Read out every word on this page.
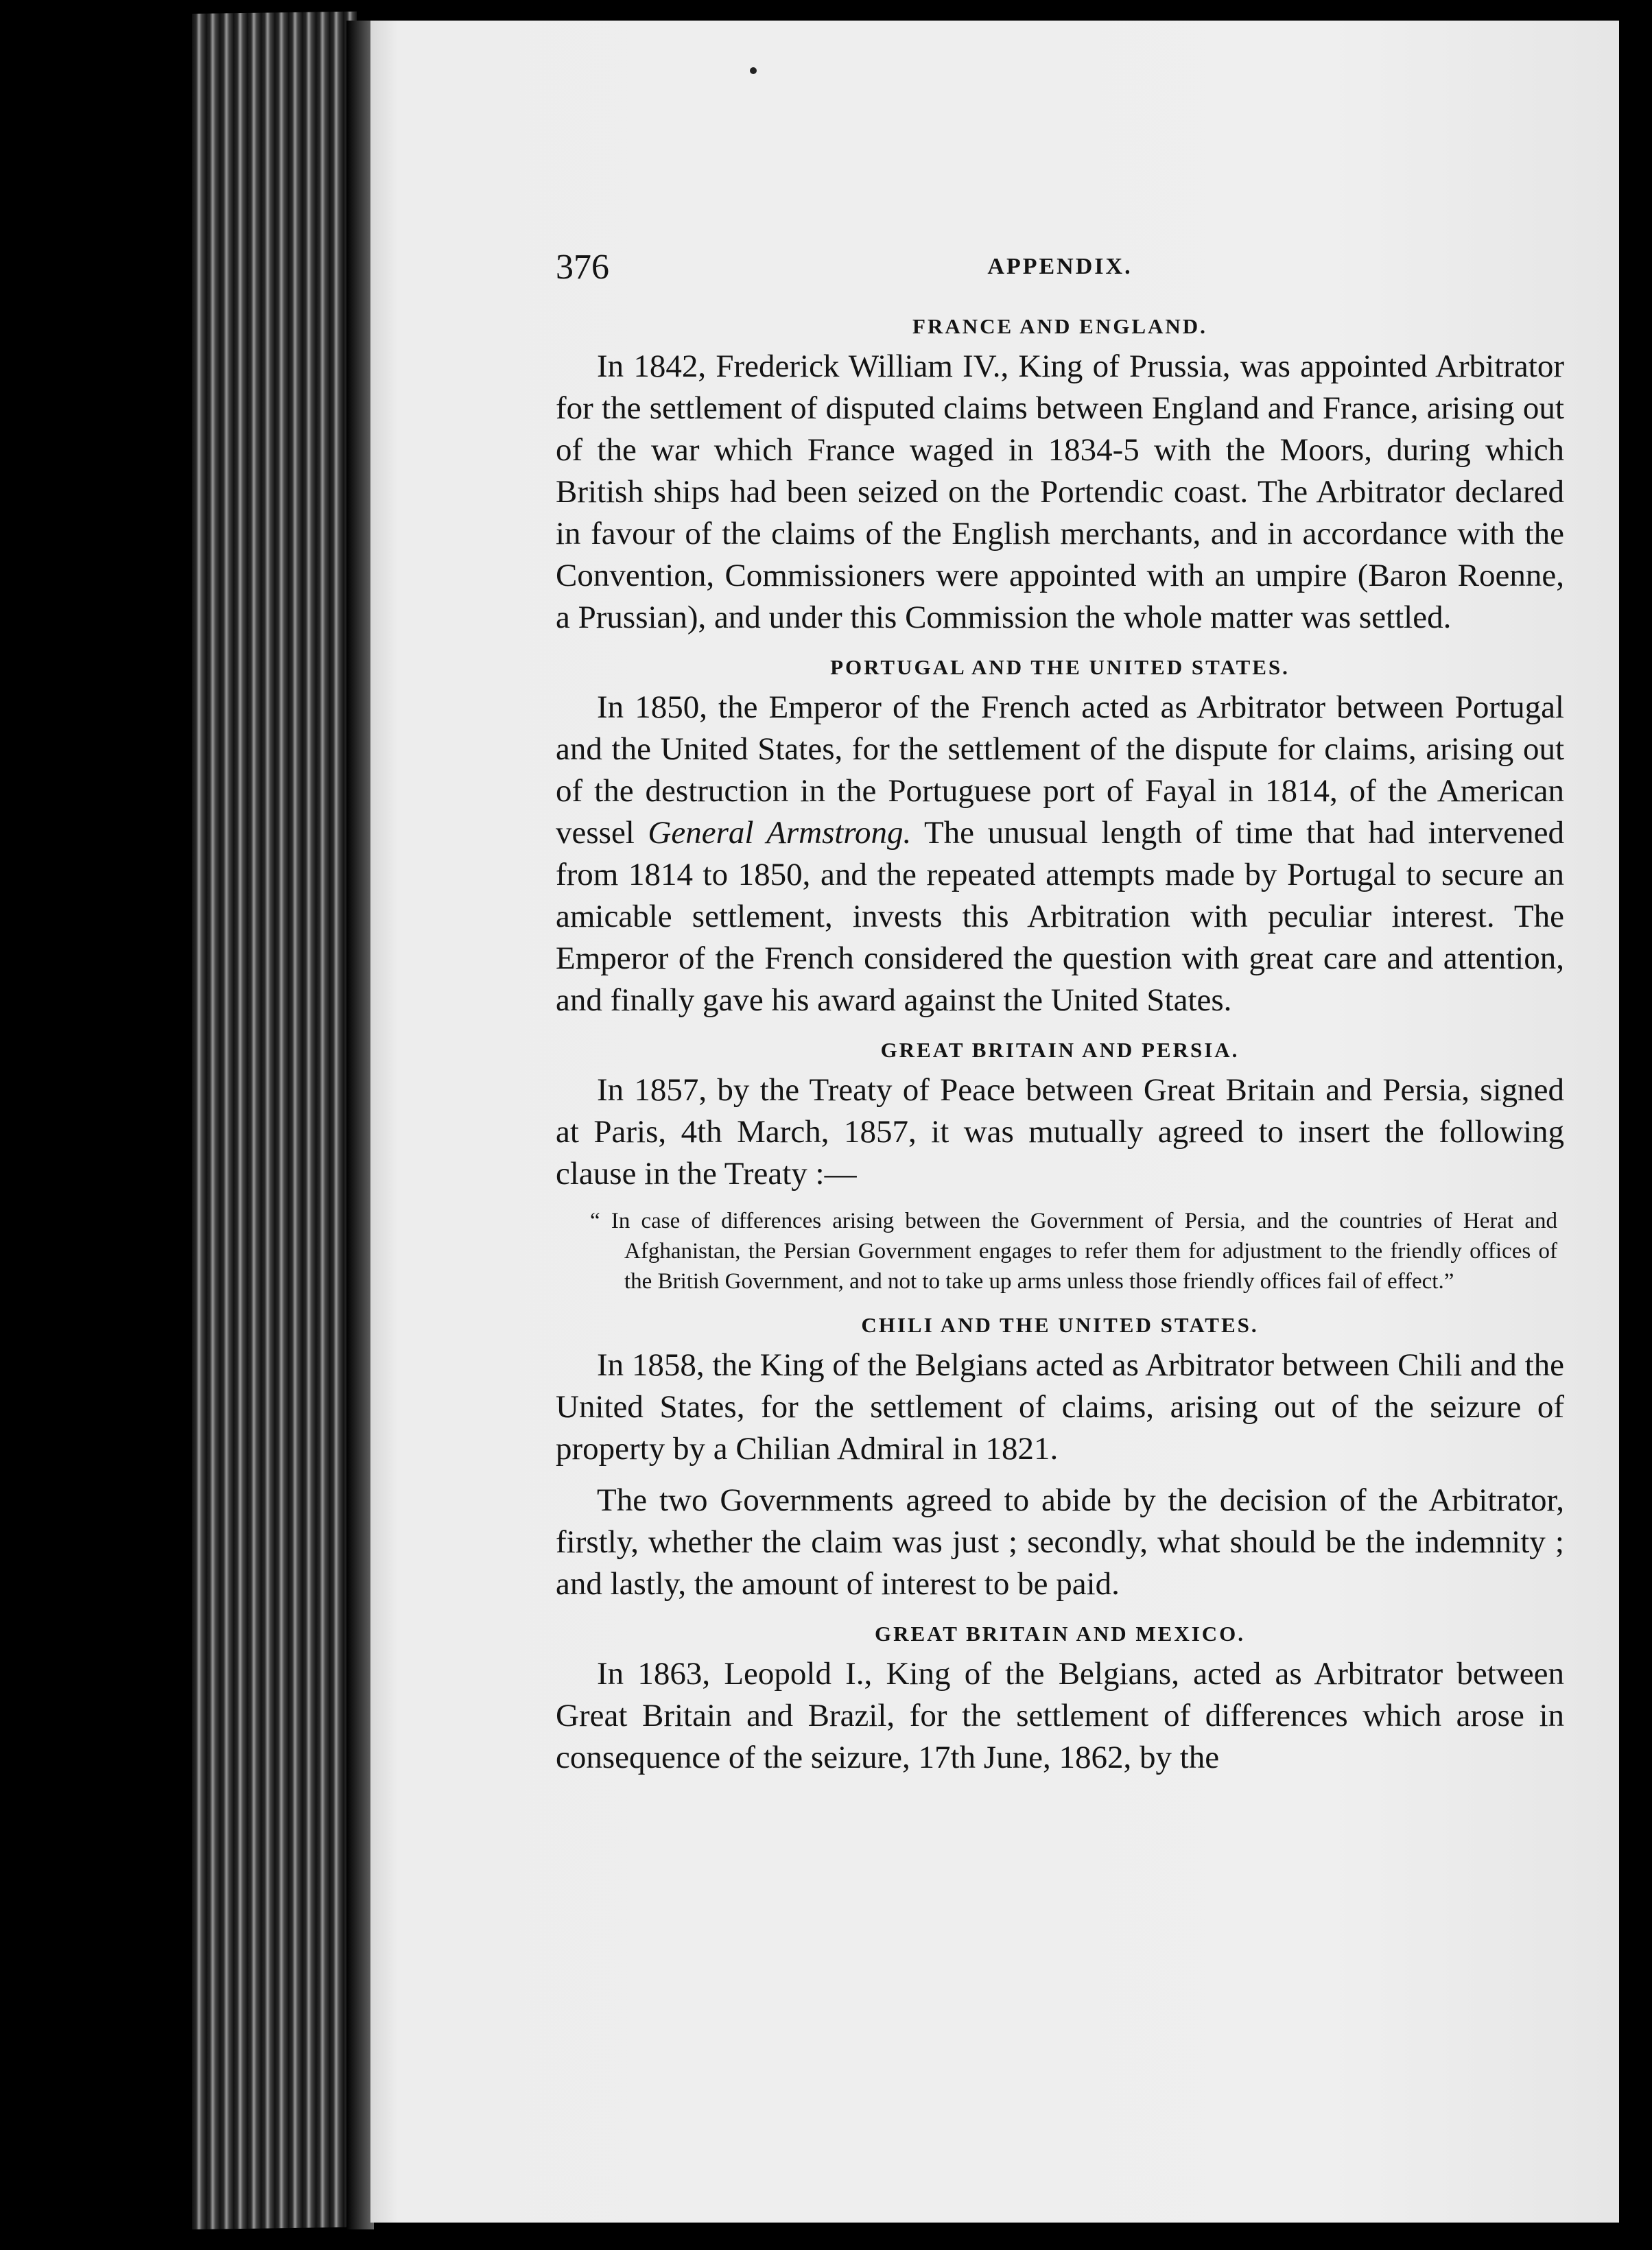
376	APPENDIX.
FRANCE AND ENGLAND.

In 1842, Frederick William IV., King of Prussia, was appointed Arbitrator for the settlement of disputed claims between England and France, arising out of the war which France waged in 1834-5 with the Moors, during which British ships had been seized on the Portendic coast. The Arbitrator declared in favour of the claims of the English merchants, and in accordance with the Convention, Commissioners were appointed with an umpire (Baron Roenne, a Prussian), and under this Commission the whole matter was settled.

PORTUGAL AND THE UNITED STATES.

In 1850, the Emperor of the French acted as Arbitrator between Portugal and the United States, for the settlement of the dispute for claims, arising out of the destruction in the Portuguese port of Fayal in 1814, of the American vessel General Armstrong. The unusual length of time that had intervened from 1814 to 1850, and the repeated attempts made by Portugal to secure an amicable settlement, invests this Arbitration with peculiar interest. The Emperor of the French considered the question with great care and attention, and finally gave his award against the United States.

GREAT BRITAIN AND PERSIA.

In 1857, by the Treaty of Peace between Great Britain and Persia, signed at Paris, 4th March, 1857, it was mutually agreed to insert the following clause in the Treaty :—

“ In case of differences arising between the Government of Persia, and the countries of Herat and Afghanistan, the Persian Government engages to refer them for adjustment to the friendly offices of the British Government, and not to take up arms unless those friendly offices fail of effect.”

CHILI AND THE UNITED STATES.

In 1858, the King of the Belgians acted as Arbitrator between Chili and the United States, for the settlement of claims, arising out of the seizure of property by a Chilian Admiral in 1821.

The two Governments agreed to abide by the decision of the Arbitrator, firstly, whether the claim was just ; secondly, what should be the indemnity ; and lastly, the amount of interest to be paid.

GREAT BRITAIN AND MEXICO.

In 1863, Leopold I., King of the Belgians, acted as Arbitrator between Great Britain and Brazil, for the settlement of differences which arose in consequence of the seizure, 17th June, 1862, by the
